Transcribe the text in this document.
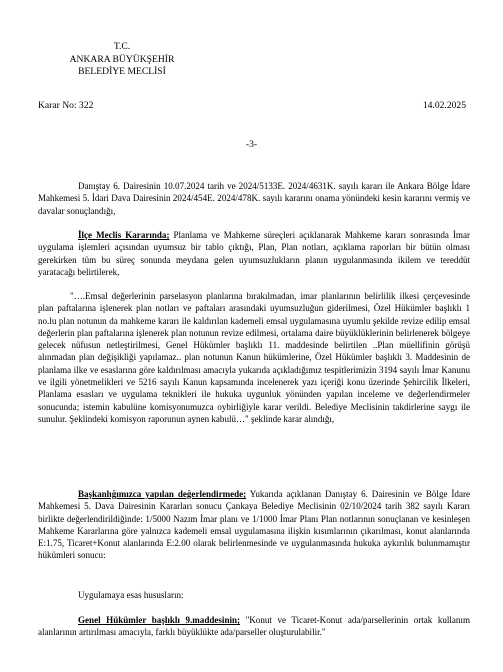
T.C.
ANKARA BÜYÜKŞEHİR
BELEDİYE MECLİSİ
Karar No: 322	14.02.2025
-3-

Danıştay 6. Dairesinin 10.07.2024 tarih ve 2024/5133E. 2024/4631K. sayılı kararı ile Ankara Bölge İdare Mahkemesi 5. İdari Dava Dairesinin 2024/454E. 2024/478K. sayılı kararını onama yönündeki kesin kararını vermiş ve davalar sonuçlandığı,

İlçe Meclis Kararında; Planlama ve Mahkeme süreçleri açıklanarak Mahkeme kararı sonrasında İmar uygulama işlemleri açısından uyumsuz bir tablo çıktığı, Plan, Plan notları, açıklama raporları bir bütün olması gerekirken tüm bu süreç sonunda meydana gelen uyumsuzlukların planın uygulanmasında ikilem ve tereddüt yaratacağı belirtilerek,

"….Emsal değerlerinin parselasyon planlarına bırakılmadan, imar planlarının belirlilik ilkesi çerçevesinde plan paftalarına işlenerek plan notları ve paftaları arasındaki uyumsuzluğun giderilmesi, Özel Hükümler başlıklı 1 no.lu plan notunun da mahkeme kararı ile kaldırılan kademeli emsal uygulamasına uyumlu şekilde revize edilip emsal değerlerin plan paftalarına işlenerek plan notunun revize edilmesi, ortalama daire büyüklüklerinin belirlenerek bölgeye gelecek nüfusun netleştirilmesi, Genel Hükümler başlıklı 11. maddesinde belirtilen ..Plan müellifinin görüşü alınmadan plan değişikliği yapılamaz.. plan notunun Kanun hükümlerine, Özel Hükümler başlıklı 3. Maddesinin de planlama ilke ve esaslarına göre kaldırılması amacıyla yukarıda açıkladığımız tespitlerimizin 3194 sayılı İmar Kanunu ve ilgili yönetmelikleri ve 5216 sayılı Kanun kapsamında incelenerek yazı içeriği konu üzerinde Şehircilik İlkeleri, Planlama esasları ve uygulama teknikleri ile hukuka uygunluk yönünden yapılan inceleme ve değerlendirmeler sonucunda; istemin kabulüne komisyonumuzca oybirliğiyle karar verildi. Belediye Meclisinin takdirlerine saygı ile sunulur. Şeklindeki komisyon raporunun aynen kabulü…" şeklinde karar alındığı,

Başkanlığımızca yapılan değerlendirmede; Yukarıda açıklanan Danıştay 6. Dairesinin ve Bölge İdare Mahkemesi 5. Dava Dairesinin Kararları sonucu Çankaya Belediye Meclisinin 02/10/2024 tarih 382 sayılı Kararı birlikte değerlendirildiğinde: 1/5000 Nazım İmar planı ve 1/1000 İmar Planı Plan notlarının sonuçlanan ve kesinleşen Mahkeme Kararlarına göre yalnızca kademeli emsal uygulamasına ilişkin kısımlarının çıkarılması, konut alanlarında E:1.75, Ticaret+Konut alanlarında E:2.00 olarak belirlenmesinde ve uygulanmasında hukuka aykırılık bulunmamıştır hükümleri sonucu:

Uygulamaya esas hususların:

Genel Hükümler başlıklı 9.maddesinin; "Konut ve Ticaret-Konut ada/parsellerinin ortak kullanım alanlarının artırılması amacıyla, farklı büyüklükte ada/parseller oluşturulabilir."
